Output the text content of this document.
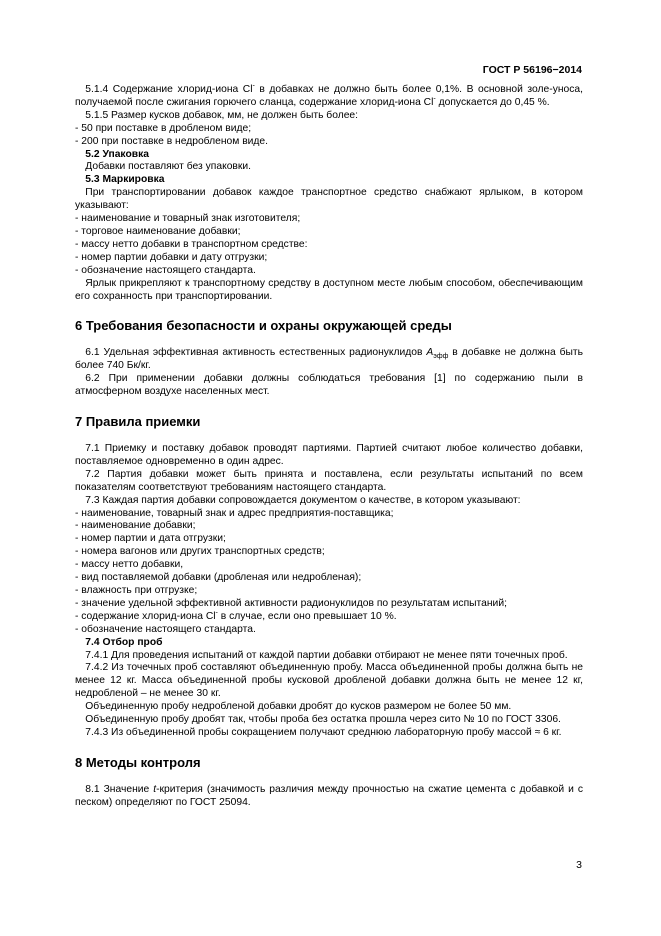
ГОСТ Р 56196−2014

5.1.4 Содержание хлорид-иона Cl- в добавках не должно быть более 0,1%. В основной золе-уноса, получаемой после сжигания горючего сланца, содержание хлорид-иона Cl- допускается до 0,45 %.

5.1.5 Размер кусков добавок, мм, не должен быть более:

- 50 при поставке в дробленом виде;

- 200 при поставке в недробленом виде.

5.2 Упаковка

Добавки поставляют без упаковки.

5.3 Маркировка

При транспортировании добавок каждое транспортное средство снабжают ярлыком, в котором указывают:

- наименование и товарный знак изготовителя;

- торговое наименование добавки;

- массу нетто добавки в транспортном средстве:

- номер партии добавки и дату отгрузки;

- обозначение настоящего стандарта.

Ярлык прикрепляют к транспортному средству в доступном месте любым способом, обеспечивающим его сохранность при транспортировании.

6 Требования безопасности и охраны окружающей среды

6.1 Удельная эффективная активность естественных радионуклидов $A_{эфф}$ в добавке не должна быть более 740 Бк/кг.

6.2 При применении добавки должны соблюдаться требования [1] по содержанию пыли в атмосферном воздухе населенных мест.

7 Правила приемки

7.1 Приемку и поставку добавок проводят партиями. Партией считают любое количество добавки, поставляемое одновременно в один адрес.

7.2 Партия добавки может быть принята и поставлена, если результаты испытаний по всем показателям соответствуют требованиям настоящего стандарта.

7.3 Каждая партия добавки сопровождается документом о качестве, в котором указывают:

- наименование, товарный знак и адрес предприятия-поставщика;

- наименование добавки;

- номер партии и дата отгрузки;

- номера вагонов или других транспортных средств;

- массу нетто добавки,

- вид поставляемой добавки (дробленая или недробленая);

- влажность при отгрузке;

- значение удельной эффективной активности радионуклидов по результатам испытаний;

- содержание хлорид-иона Cl- в случае, если оно превышает 10 %.

- обозначение настоящего стандарта.

7.4 Отбор проб

7.4.1 Для проведения испытаний от каждой партии добавки отбирают не менее пяти точечных проб.

7.4.2 Из точечных проб составляют объединенную пробу. Масса объединенной пробы должна быть не менее 12 кг. Масса объединенной пробы кусковой дробленой добавки должна быть не менее 12 кг, недробленой – не менее 30 кг.

Объединенную пробу недробленой добавки дробят до кусков размером не более 50 мм.

Объединенную пробу дробят так, чтобы проба без остатка прошла через сито № 10 по ГОСТ 3306.

7.4.3 Из объединенной пробы сокращением получают среднюю лабораторную пробу массой ≈ 6 кг.

8 Методы контроля

8.1 Значение t-критерия (значимость различия между прочностью на сжатие цемента с добавкой и с песком) определяют по ГОСТ 25094.

3
